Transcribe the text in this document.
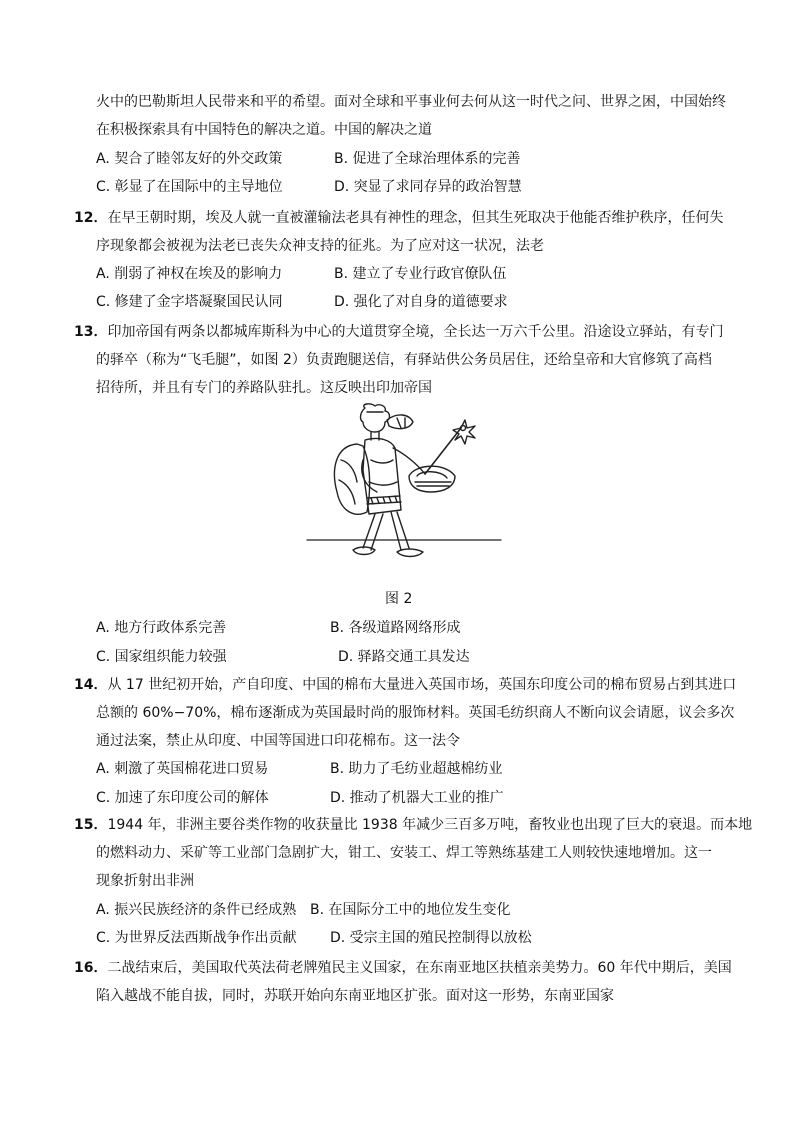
火中的巴勒斯坦人民带来和平的希望。面对全球和平事业何去何从这一时代之问、世界之困，中国始终
在积极探索具有中国特色的解决之道。中国的解决之道
A. 契合了睦邻友好的外交政策	B. 促进了全球治理体系的完善
C. 彰显了在国际中的主导地位	D. 突显了求同存异的政治智慧
12．在早王朝时期，埃及人就一直被灌输法老具有神性的理念，但其生死取决于他能否维护秩序，任何失
序现象都会被视为法老已丧失众神支持的征兆。为了应对这一状况，法老
A. 削弱了神权在埃及的影响力	B. 建立了专业行政官僚队伍
C. 修建了金字塔凝聚国民认同	D. 强化了对自身的道德要求
13．印加帝国有两条以都城库斯科为中心的大道贯穿全境，全长达一万六千公里。沿途设立驿站，有专门
的驿卒（称为“飞毛腿”，如图 2）负责跑腿送信，有驿站供公务员居住，还给皇帝和大官修筑了高档
招待所，并且有专门的养路队驻扎。这反映出印加帝国
图 2
A. 地方行政体系完善	B. 各级道路网络形成
C. 国家组织能力较强	D. 驿路交通工具发达
14．从 17 世纪初开始，产自印度、中国的棉布大量进入英国市场，英国东印度公司的棉布贸易占到其进口
总额的 60%−70%，棉布逐渐成为英国最时尚的服饰材料。英国毛纺织商人不断向议会请愿，议会多次
通过法案，禁止从印度、中国等国进口印花棉布。这一法令
A. 刺激了英国棉花进口贸易	B. 助力了毛纺业超越棉纺业
C. 加速了东印度公司的解体	D. 推动了机器大工业的推广
15．1944 年，非洲主要谷类作物的收获量比 1938 年减少三百多万吨，畜牧业也出现了巨大的衰退。而本地
的燃料动力、采矿等工业部门急剧扩大，钳工、安装工、焊工等熟练基建工人则较快速地增加。这一
现象折射出非洲
A. 振兴民族经济的条件已经成熟 B. 在国际分工中的地位发生变化
C. 为世界反法西斯战争作出贡献 D. 受宗主国的殖民控制得以放松
16．二战结束后，美国取代英法荷老牌殖民主义国家，在东南亚地区扶植亲美势力。60 年代中期后，美国
陷入越战不能自拔，同时，苏联开始向东南亚地区扩张。面对这一形势，东南亚国家
